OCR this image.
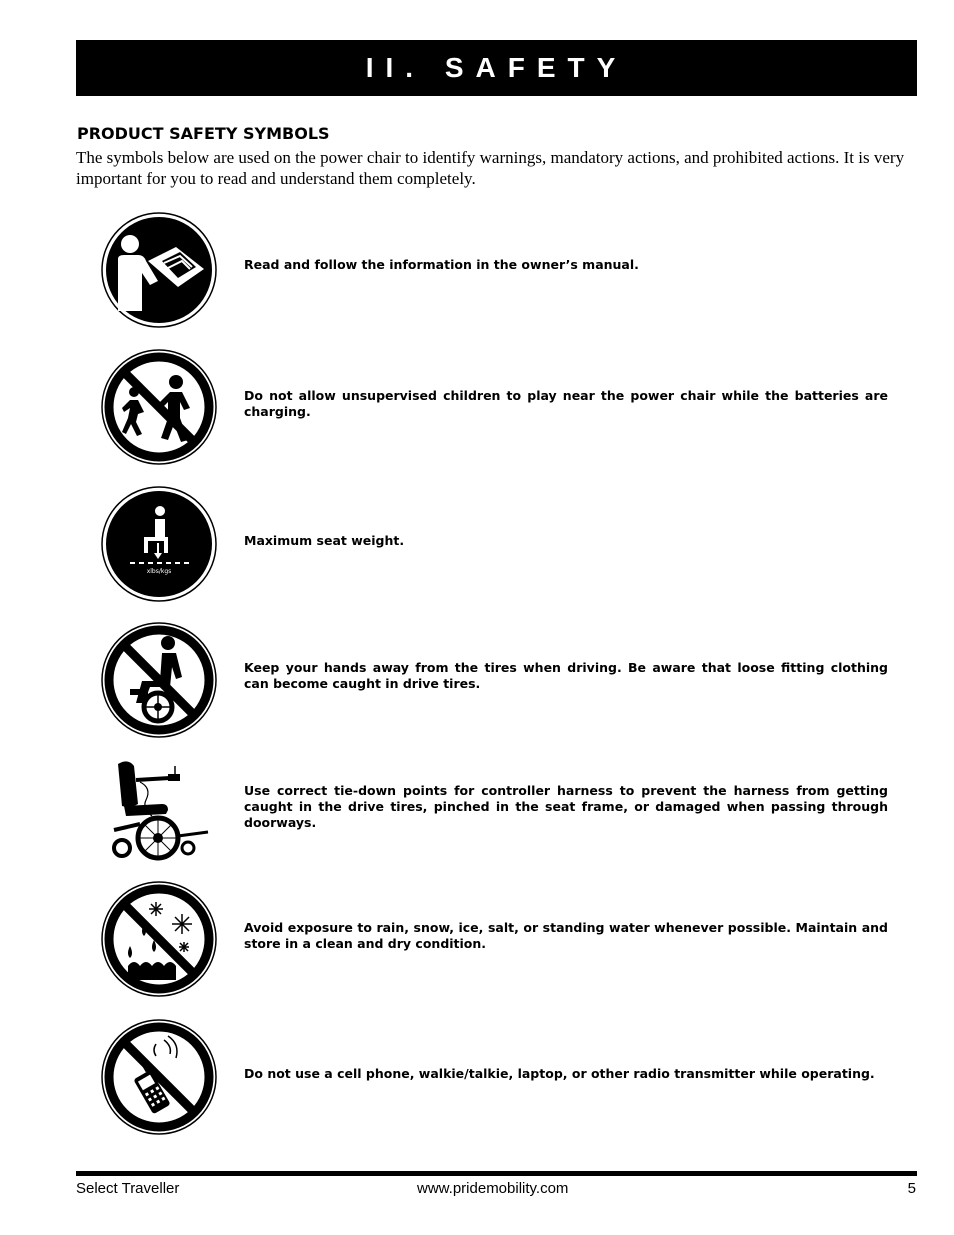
II. SAFETY
PRODUCT SAFETY SYMBOLS

The symbols below are used on the power chair to identify warnings, mandatory actions, and prohibited actions. It is very important for you to read and understand them completely.

Read and follow the information in the owner’s manual.

Do not allow unsupervised children to play near the power chair while the batteries are charging.

xlbs/kgs

Maximum seat weight.

Keep your hands away from the tires when driving. Be aware that loose fitting clothing can become caught in drive tires.

Use correct tie-down points for controller harness to prevent the harness from getting caught in the drive tires, pinched in the seat frame, or damaged when passing through doorways.

Avoid exposure to rain, snow, ice, salt, or standing water whenever possible. Maintain and store in a clean and dry condition.

Do not use a cell phone, walkie/talkie, laptop, or other radio transmitter while operating.

Select Traveller	www.pridemobility.com	5
